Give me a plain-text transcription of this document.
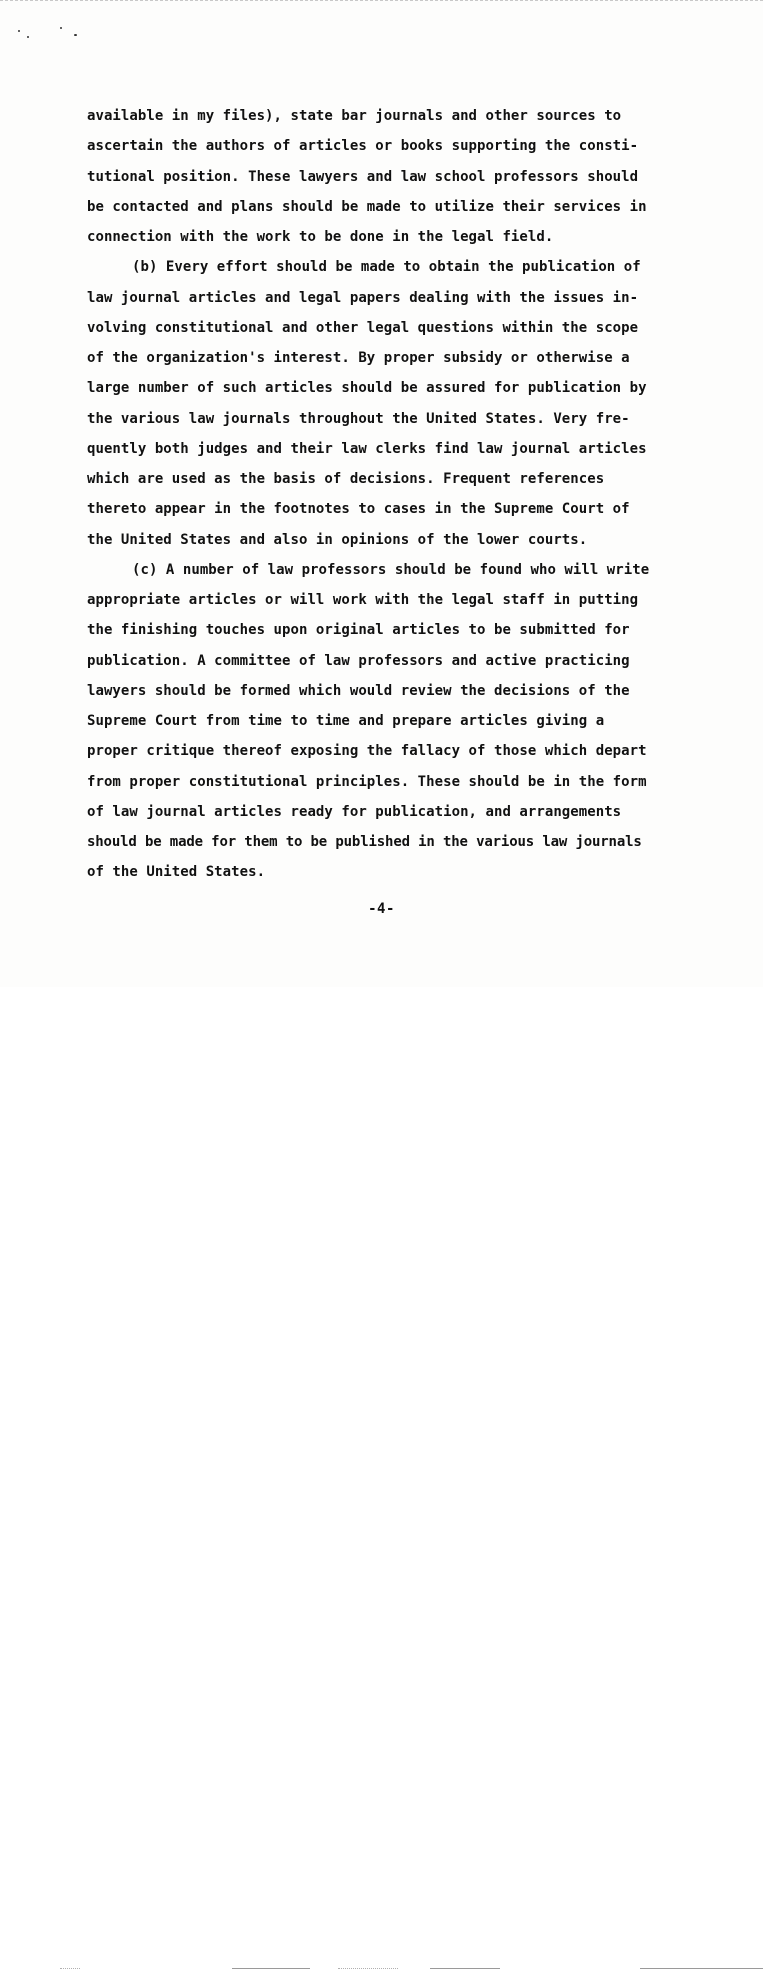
available in my files), state bar journals and other sources to
ascertain the authors of articles or books supporting the consti-
tutional position. These lawyers and law school professors should
be contacted and plans should be made to utilize their services in
connection with the work to be done in the legal field.
(b) Every effort should be made to obtain the publication of
law journal articles and legal papers dealing with the issues in-
volving constitutional and other legal questions within the scope
of the organization's interest. By proper subsidy or otherwise a
large number of such articles should be assured for publication by
the various law journals throughout the United States. Very fre-
quently both judges and their law clerks find law journal articles
which are used as the basis of decisions. Frequent references
thereto appear in the footnotes to cases in the Supreme Court of
the United States and also in opinions of the lower courts.
(c) A number of law professors should be found who will write
appropriate articles or will work with the legal staff in putting
the finishing touches upon original articles to be submitted for
publication. A committee of law professors and active practicing
lawyers should be formed which would review the decisions of the
Supreme Court from time to time and prepare articles giving a
proper critique thereof exposing the fallacy of those which depart
from proper constitutional principles. These should be in the form
of law journal articles ready for publication, and arrangements
should be made for them to be published in the various law journals
of the United States.
-4-
